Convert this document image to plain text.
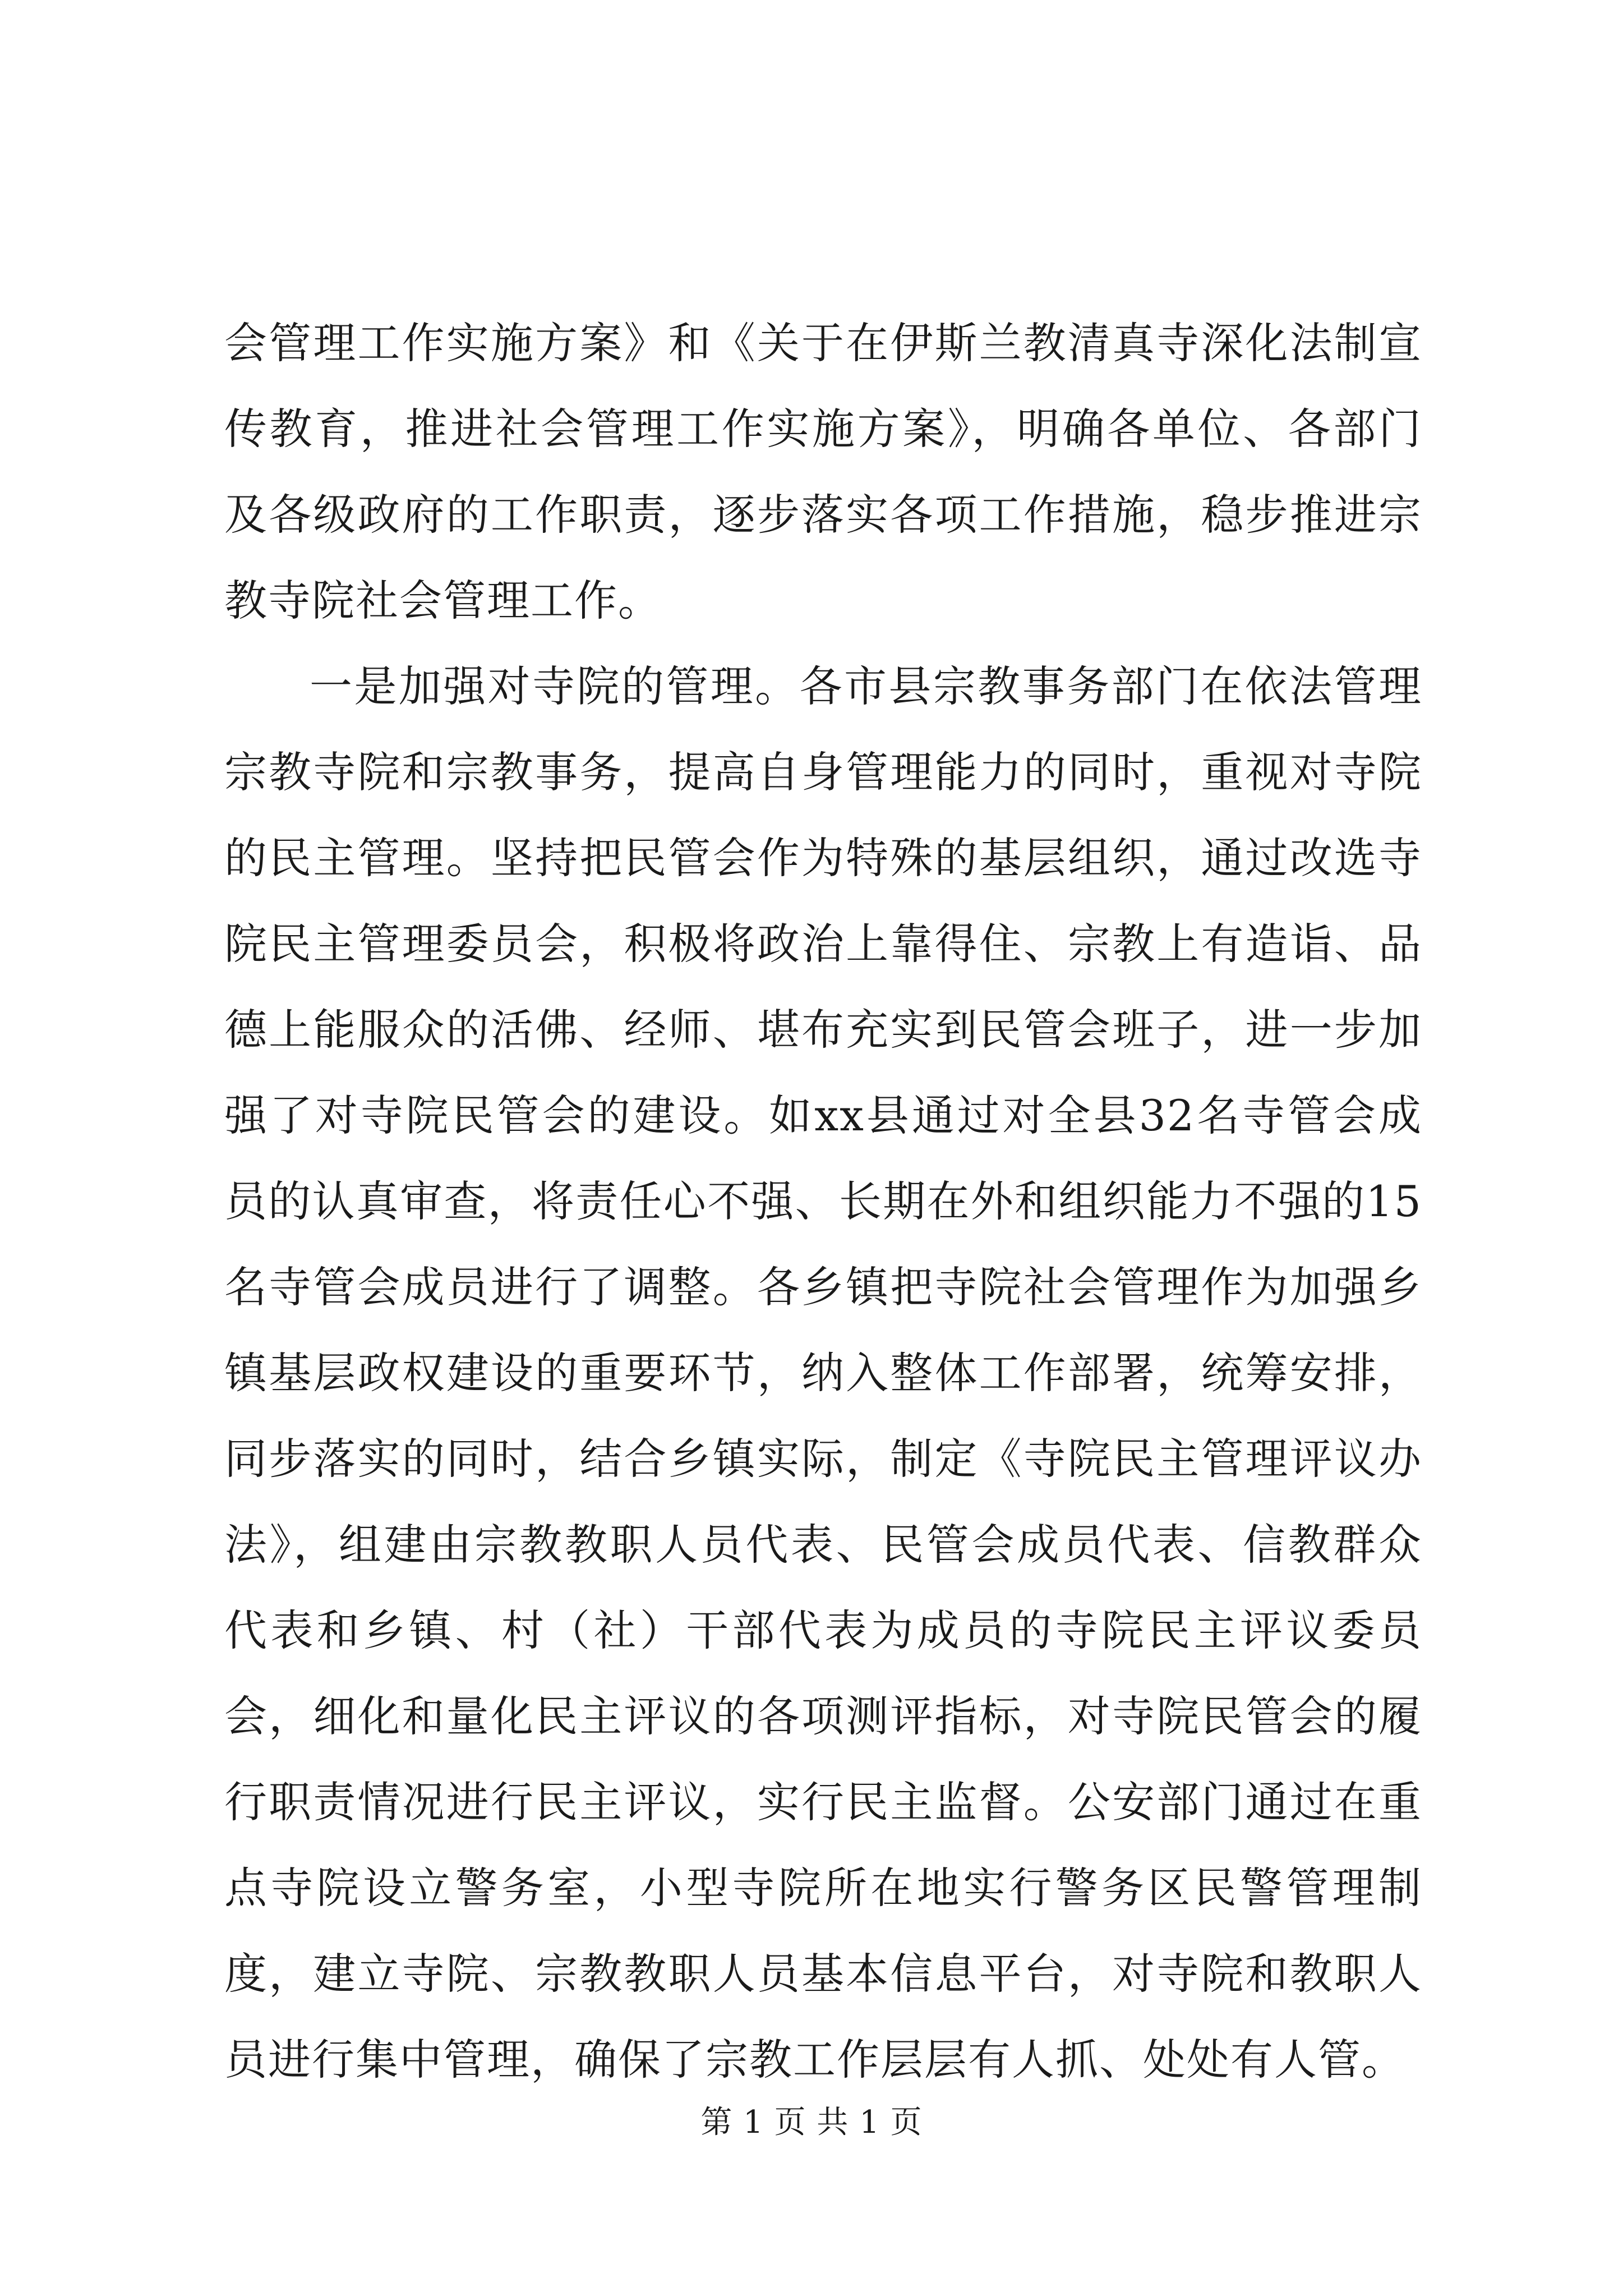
会管理工作实施方案》和《关于在伊斯兰教清真寺深化法制宣传教育，推进社会管理工作实施方案》，明确各单位、各部门及各级政府的工作职责，逐步落实各项工作措施，稳步推进宗教寺院社会管理工作。

一是加强对寺院的管理。各市县宗教事务部门在依法管理宗教寺院和宗教事务，提高自身管理能力的同时，重视对寺院的民主管理。坚持把民管会作为特殊的基层组织，通过改选寺院民主管理委员会，积极将政治上靠得住、宗教上有造诣、品德上能服众的活佛、经师、堪布充实到民管会班子，进一步加强了对寺院民管会的建设。如xx县通过对全县32名寺管会成员的认真审查，将责任心不强、长期在外和组织能力不强的15名寺管会成员进行了调整。各乡镇把寺院社会管理作为加强乡镇基层政权建设的重要环节，纳入整体工作部署，统筹安排，同步落实的同时，结合乡镇实际，制定《寺院民主管理评议办法》，组建由宗教教职人员代表、民管会成员代表、信教群众代表和乡镇、村（社）干部代表为成员的寺院民主评议委员会，细化和量化民主评议的各项测评指标，对寺院民管会的履行职责情况进行民主评议，实行民主监督。公安部门通过在重点寺院设立警务室，小型寺院所在地实行警务区民警管理制度，建立寺院、宗教教职人员基本信息平台，对寺院和教职人员进行集中管理，确保了宗教工作层层有人抓、处处有人管。

第 1 页 共 1 页
